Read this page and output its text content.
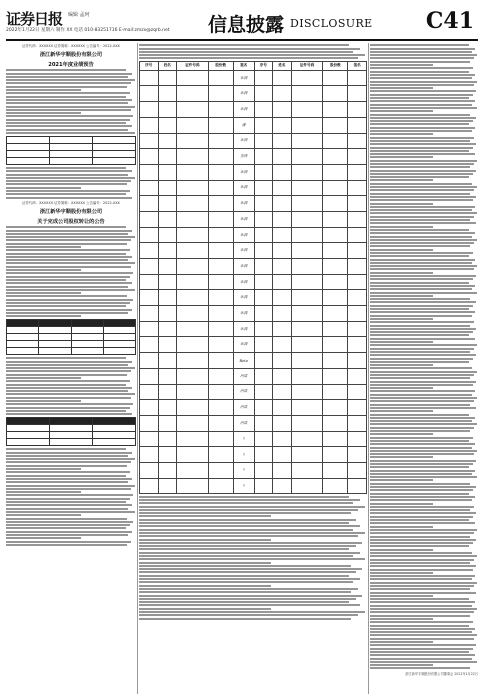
证券日报 编辑 孟珂
2022年1月22日 星期六 制作 XX 电话 010-83251716 E-mail:zmzx@zqrb.net 信息披露 DISCLOSURE C41
证券代码：XXXXXX 证券简称：XXXXXX 公告编号：2022-XXX
浙江新华宇顺股份有限公司
2021年度业绩预告

证券代码：XXXXXX 证券简称：XXXXXX 公告编号：2022-XXX
浙江新华宇顺股份有限公司
关于完成公司股权转让的公告

序号	姓名	证件号码	股份数	签名	序号	姓名	证件号码	股份数	签名
				朱润					
				朱润					
				朱润					
				潘					
				朱润					
				至鸿					
				朱润					
				朱润					
				朱润					
				朱润					
				朱润					
				朱润					
				朱润					
				朱润					
				朱润					
				朱润					
				朱润					
				朱润					
				Reto					
				河清					
				河清					
				河清					
				河清					
				?					
				?					
				?					
				?					
浙江新华宇顺股份有限公司董事会 2022年1月22日
